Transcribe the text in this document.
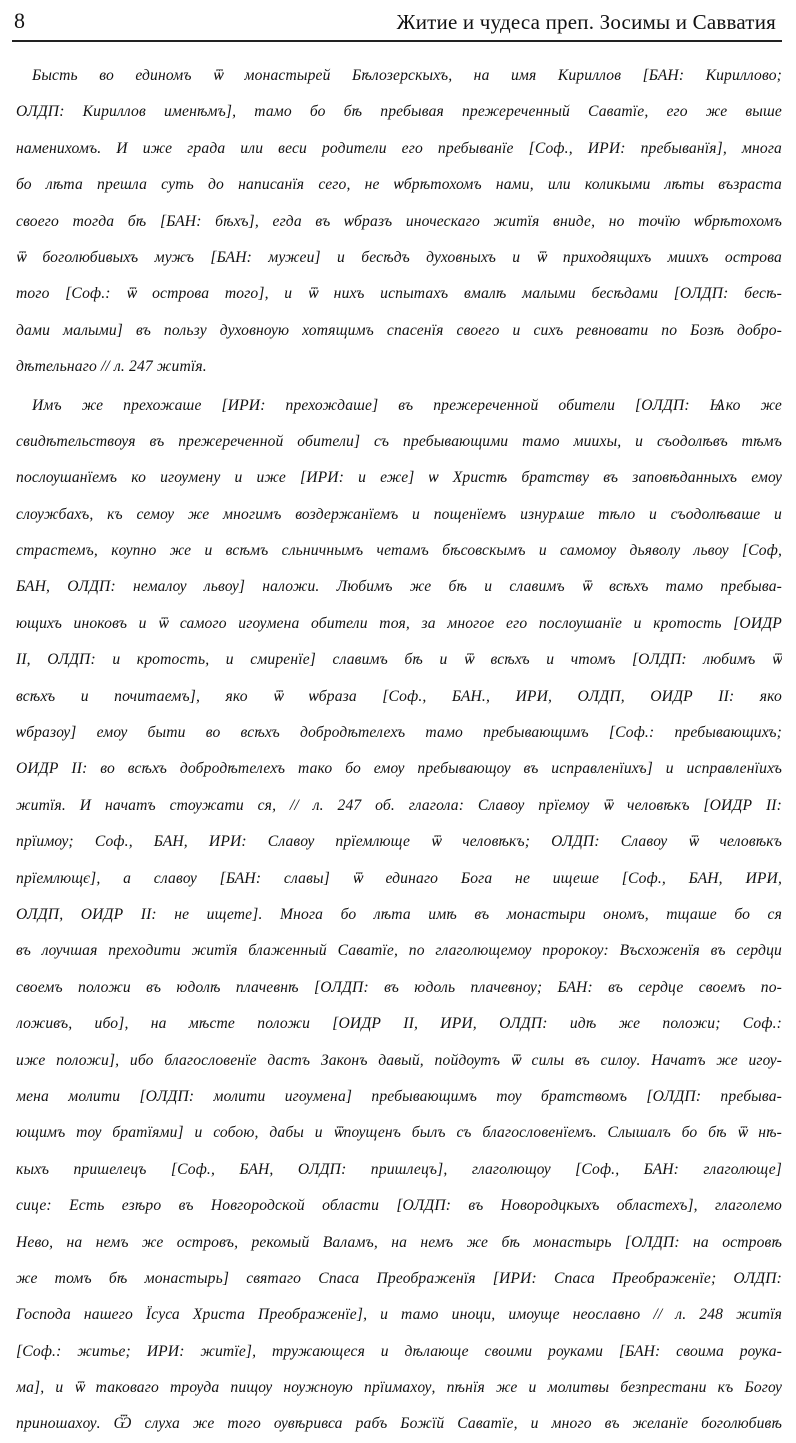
8	Житие и чудеса преп. Зосимы и Савватия
Бысть во единомъ ѿ монастырей Бѣлозерскыхъ, на имя Кириллов [БАН: Кириллово;
ОЛДП: Кириллов именѣмъ], тамо бо бѣ пребывая прежереченный Саватїе, его же выше
наменихомъ. И иже града или веси родители его пребыванїе [Соф., ИРИ: пребыванїя], многа
бо лѣта прешла суть до написанїя сего, не ѡбрѣтохомъ нами, или коликыми лѣты възраста
своего тогда бѣ [БАН: бѣхъ], егда въ ѡбразъ иноческаго житїя вниде, но точїю ѡбрѣтохомъ
ѿ боголюбивыхъ мужъ [БАН: мужеи] и бесѣдъ духовныхъ и ѿ приходящихъ миихъ острова
того [Соф.: ѿ острова того], и ѿ нихъ испытахъ вмалѣ малыми бесѣдами [ОЛДП: бесѣ-
дами малыми] въ пользу духовнѹю хотящимъ спасенїя своего и сихъ ревновати по Бозѣ добро-
дѣтельнаго // л. 247 житїя.
Имъ же прехожаше [ИРИ: прехождаше] въ прежереченной обители [ОЛДП: Ѩко же
свидѣтельствѹя въ прежереченной обители] съ пребывающими тамо миихы, и съодолѣвъ тѣмъ
послѹшанїемъ ко игѹмену и иже [ИРИ: и еже] ѡ Христѣ братству въ заповѣданныхъ емѹ
слѹжбахъ, къ семѹ же многимъ воздержанїемъ и пощенїемъ изнурѧше тѣло и съодолѣваше и
страстемъ, кѹпно же и всѣмъ сльничнымъ четамъ бѣсовскымъ и самомѹ дьяволу львѹ [Соф,
БАН, ОЛДП: немалѹ львѹ] наложи. Любимъ же бѣ и славимъ ѿ всѣхъ тамо пребыва-
ющихъ иноковъ и ѿ самого игѹмена обители тоя, за многое его послѹшанїе и кротость [ОИДР
II, ОЛДП: и кротость, и смиренїе] славимъ бѣ и ѿ всѣхъ и чтомъ [ОЛДП: любимъ ѿ
всѣхъ и почитаемъ], яко ѿ ѡбраза [Соф., БАН., ИРИ, ОЛДП, ОИДР II: яко
ѡбразѹ] емѹ быти во всѣхъ добродѣтелехъ тамо пребывающимъ [Соф.: пребывающихъ;
ОИДР II: во всѣхъ добродѣтелехъ тако бо емѹ пребывающѹ въ исправленїихъ] и исправленїихъ
житїя. И начатъ стѹжати ся, // л. 247 об. глагола: Славѹ прїемѹ ѿ человѣкъ [ОИДР II:
прїимѹ; Соф., БАН, ИРИ: Славѹ прїемлюще ѿ человѣкъ; ОЛДП: Славѹ ѿ человѣкъ
прїемлющє], а славѹ [БАН: славы] ѿ единаго Бога не ищеше [Соф., БАН, ИРИ,
ОЛДП, ОИДР II: не ищете]. Многа бо лѣта имѣ въ монастыри ономъ, тщаше бо ся
въ лѹчшая преходити житїя блаженный Саватїе, по глаголющемѹ пророкѹ: Въсхоженїя въ сердци
своемъ положи въ юдолѣ плачевнѣ [ОЛДП: въ юдоль плачевнѹ; БАН: въ сердце своемъ по-
ложивъ, ибо], на мѣсте положи [ОИДР II, ИРИ, ОЛДП: идѣ же положи; Соф.:
иже положи], ибо благословенїе дастъ Законъ давый, пойдѹтъ ѿ силы въ силѹ. Начатъ же игѹ-
мена молити [ОЛДП: молити игѹмена] пребывающимъ тѹ братствомъ [ОЛДП: пребыва-
ющимъ тѹ братїями] и собою, дабы и ѿпѹщенъ былъ съ благословенїемъ. Слышалъ бо бѣ ѿ нѣ-
кыхъ пришелецъ [Соф., БАН, ОЛДП: пришлецъ], глаголющѹ [Соф., БАН: глаголюще]
сице: Есть езѣро въ Новгородской области [ОЛДП: въ Новородцкыхъ областехъ], глаголемо
Нево, на немъ же островъ, рекомый Валамъ, на немъ же бѣ монастырь [ОЛДП: на островѣ
же томъ бѣ монастырь] святаго Спаса Преображенїя [ИРИ: Спаса Преображенїе; ОЛДП:
Господа нашего Їсуса Христа Преображенїе], и тамо иноци, имѹще неославно // л. 248 житїя
[Соф.: житье; ИРИ: житїе], тружающеся и дѣлающе своими рѹками [БАН: своима рѹка-
ма], и ѿ таковаго трѹда пищѹ нѹжнѹю прїимахѹ, пѣнїя же и молитвы безпрестани къ Богѹ
приношахѹ. Ѿ слуха же того ѹвѣривса рабъ Божїй Саватїе, и много въ желанїе боголюбивѣ
